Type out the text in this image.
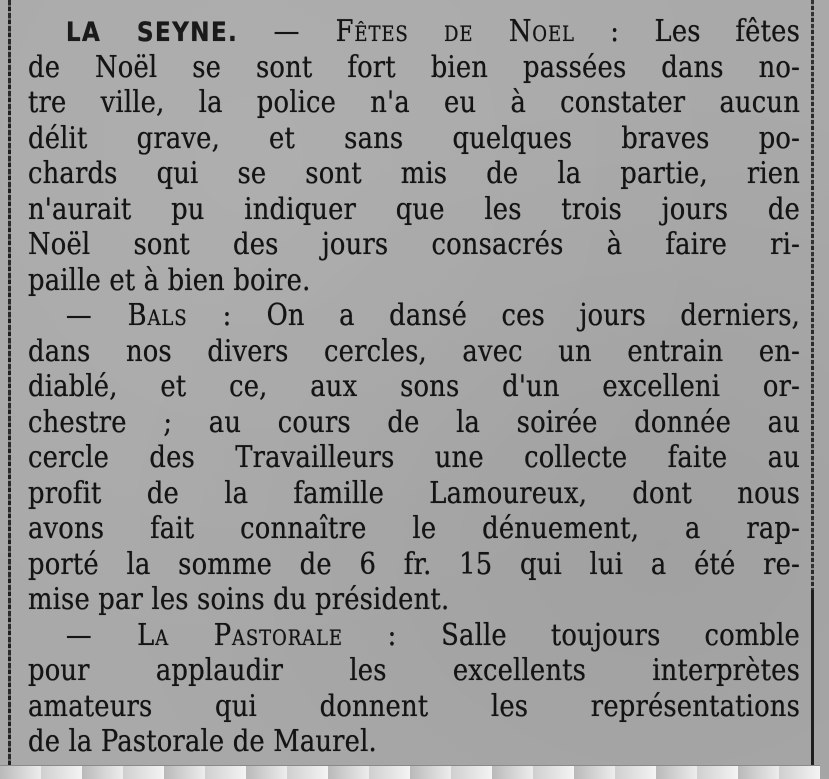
LA SEYNE. — Fêtes de Noel : Les fêtes
de Noël se sont fort bien passées dans no-
tre ville, la police n'a eu à constater aucun
délit grave, et sans quelques braves po-
chards qui se sont mis de la partie, rien
n'aurait pu indiquer que les trois jours de
Noël sont des jours consacrés à faire ri-
paille et à bien boire.
— Bals : On a dansé ces jours derniers,
dans nos divers cercles, avec un entrain en-
diablé, et ce, aux sons d'un excelleni or-
chestre ; au cours de la soirée donnée au
cercle des Travailleurs une collecte faite au
profit de la famille Lamoureux, dont nous
avons fait connaître le dénuement, a rap-
porté la somme de 6 fr. 15 qui lui a été re-
mise par les soins du président.
— La Pastorale : Salle toujours comble
pour applaudir les excellents interprètes
amateurs qui donnent les représentations
de la Pastorale de Maurel.
